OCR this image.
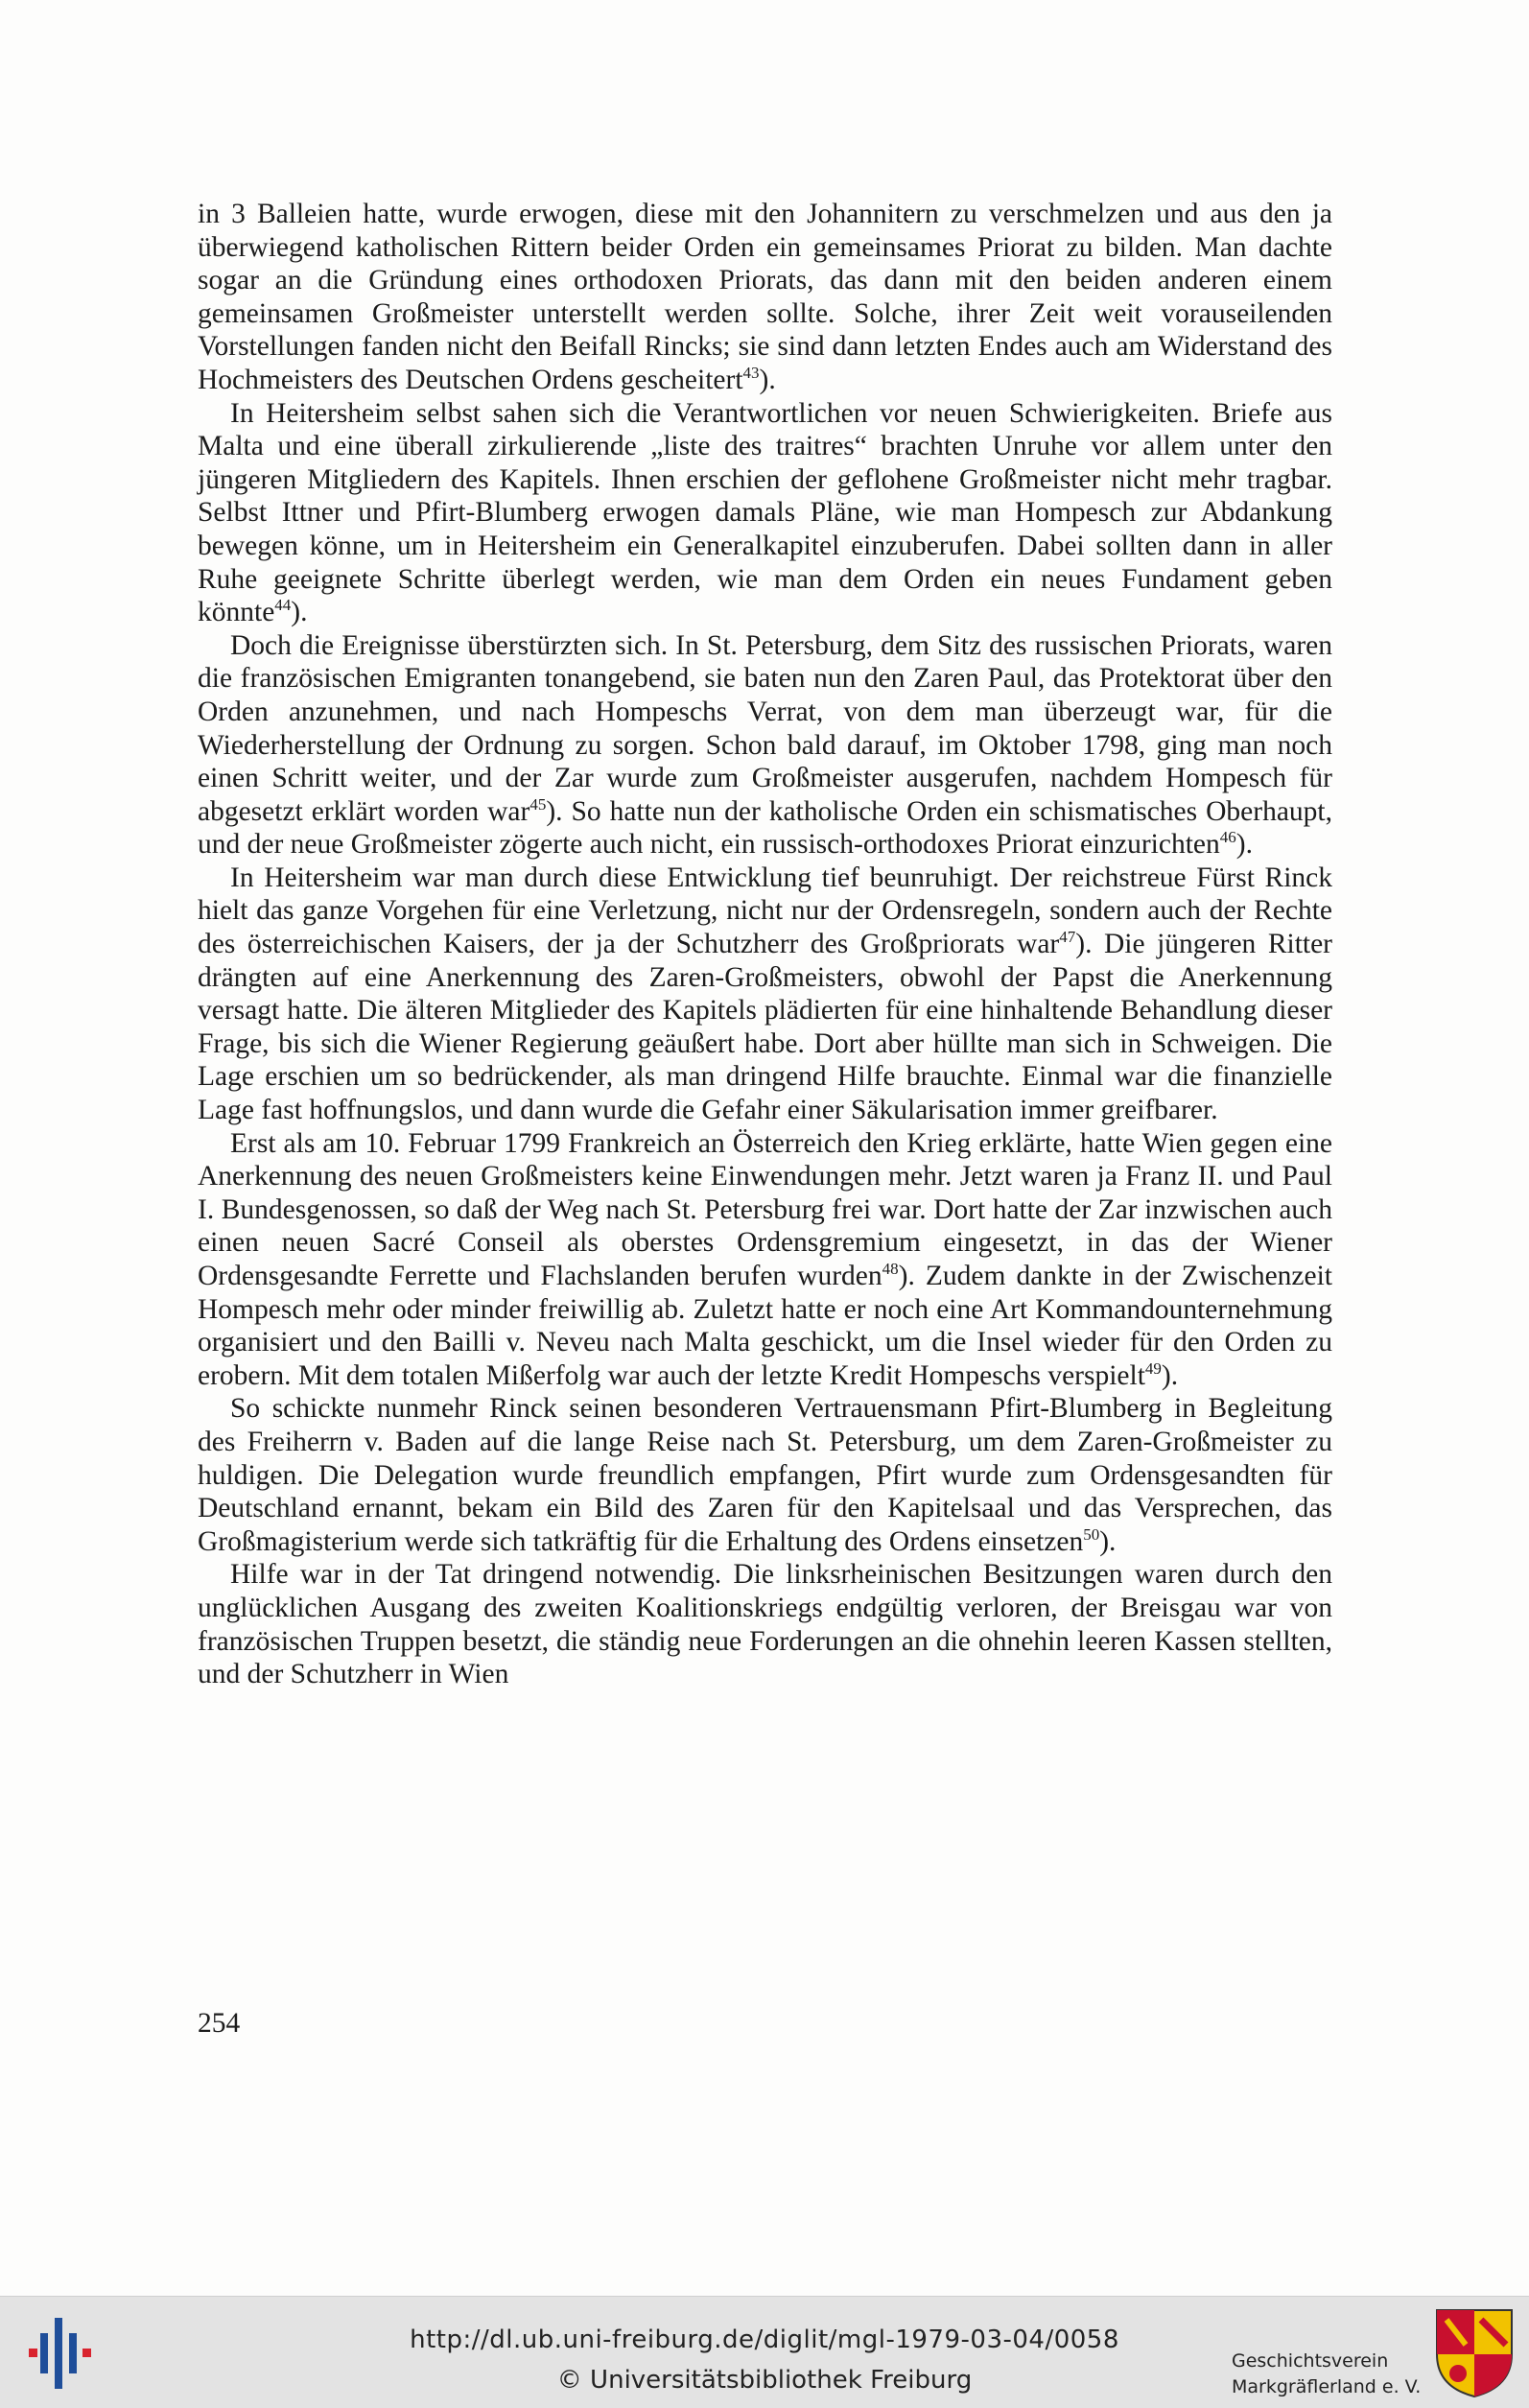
in 3 Balleien hatte, wurde erwogen, diese mit den Johannitern zu verschmelzen und aus den ja überwiegend katholischen Rittern beider Orden ein gemeinsames Priorat zu bilden. Man dachte sogar an die Gründung eines orthodoxen Priorats, das dann mit den beiden anderen einem gemeinsamen Großmeister unterstellt werden sollte. Solche, ihrer Zeit weit vorauseilenden Vorstellungen fanden nicht den Beifall Rincks; sie sind dann letzten Endes auch am Widerstand des Hochmeisters des Deutschen Ordens gescheitert$^{43}$).

In Heitersheim selbst sahen sich die Verantwortlichen vor neuen Schwierigkeiten. Briefe aus Malta und eine überall zirkulierende „liste des traitres“ brachten Unruhe vor allem unter den jüngeren Mitgliedern des Kapitels. Ihnen erschien der geflohene Großmeister nicht mehr tragbar. Selbst Ittner und Pfirt-Blumberg erwogen damals Pläne, wie man Hompesch zur Abdankung bewegen könne, um in Heitersheim ein Generalkapitel einzuberufen. Dabei sollten dann in aller Ruhe geeignete Schritte überlegt werden, wie man dem Orden ein neues Fundament geben könnte$^{44}$).

Doch die Ereignisse überstürzten sich. In St. Petersburg, dem Sitz des russischen Priorats, waren die französischen Emigranten tonangebend, sie baten nun den Zaren Paul, das Protektorat über den Orden anzunehmen, und nach Hompeschs Verrat, von dem man überzeugt war, für die Wiederherstellung der Ordnung zu sorgen. Schon bald darauf, im Oktober 1798, ging man noch einen Schritt weiter, und der Zar wurde zum Großmeister ausgerufen, nachdem Hompesch für abgesetzt erklärt worden war$^{45}$). So hatte nun der katholische Orden ein schismatisches Oberhaupt, und der neue Großmeister zögerte auch nicht, ein russisch-orthodoxes Priorat einzurichten$^{46}$).

In Heitersheim war man durch diese Entwicklung tief beunruhigt. Der reichstreue Fürst Rinck hielt das ganze Vorgehen für eine Verletzung, nicht nur der Ordensregeln, sondern auch der Rechte des österreichischen Kaisers, der ja der Schutzherr des Großpriorats war$^{47}$). Die jüngeren Ritter drängten auf eine Anerkennung des Zaren-Großmeisters, obwohl der Papst die Anerkennung versagt hatte. Die älteren Mitglieder des Kapitels plädierten für eine hinhaltende Behandlung dieser Frage, bis sich die Wiener Regierung geäußert habe. Dort aber hüllte man sich in Schweigen. Die Lage erschien um so bedrückender, als man dringend Hilfe brauchte. Einmal war die finanzielle Lage fast hoffnungslos, und dann wurde die Gefahr einer Säkularisation immer greifbarer.

Erst als am 10. Februar 1799 Frankreich an Österreich den Krieg erklärte, hatte Wien gegen eine Anerkennung des neuen Großmeisters keine Einwendungen mehr. Jetzt waren ja Franz II. und Paul I. Bundesgenossen, so daß der Weg nach St. Petersburg frei war. Dort hatte der Zar inzwischen auch einen neuen Sacré Conseil als oberstes Ordensgremium eingesetzt, in das der Wiener Ordensgesandte Ferrette und Flachslanden berufen wurden$^{48}$). Zudem dankte in der Zwischenzeit Hompesch mehr oder minder freiwillig ab. Zuletzt hatte er noch eine Art Kommandounternehmung organisiert und den Bailli v. Neveu nach Malta geschickt, um die Insel wieder für den Orden zu erobern. Mit dem totalen Mißerfolg war auch der letzte Kredit Hompeschs verspielt$^{49}$).

So schickte nunmehr Rinck seinen besonderen Vertrauensmann Pfirt-Blumberg in Begleitung des Freiherrn v. Baden auf die lange Reise nach St. Petersburg, um dem Zaren-Großmeister zu huldigen. Die Delegation wurde freundlich empfangen, Pfirt wurde zum Ordensgesandten für Deutschland ernannt, bekam ein Bild des Zaren für den Kapitelsaal und das Versprechen, das Großmagisterium werde sich tatkräftig für die Erhaltung des Ordens einsetzen$^{50}$).

Hilfe war in der Tat dringend notwendig. Die linksrheinischen Besitzungen waren durch den unglücklichen Ausgang des zweiten Koalitionskriegs endgültig verloren, der Breisgau war von französischen Truppen besetzt, die ständig neue Forderungen an die ohnehin leeren Kassen stellten, und der Schutzherr in Wien

254
http://dl.ub.uni-freiburg.de/diglit/mgl-1979-03-04/0058
© Universitätsbibliothek Freiburg
Geschichtsverein
Markgräflerland e. V.
